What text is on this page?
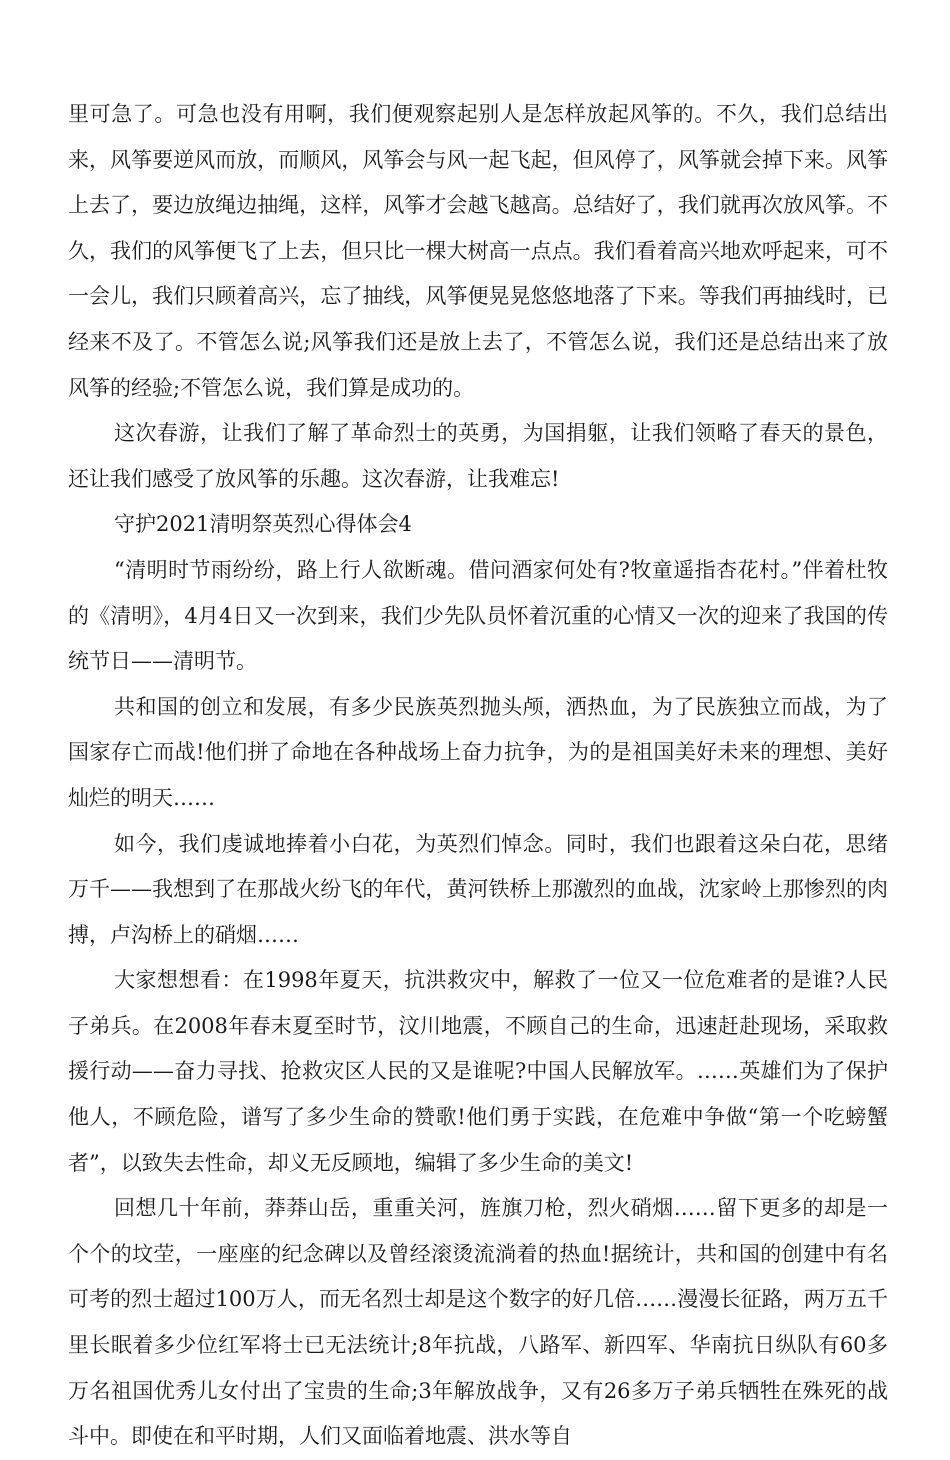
里可急了。可急也没有用啊，我们便观察起别人是怎样放起风筝的。不久，我们总结出来，风筝要逆风而放，而顺风，风筝会与风一起飞起，但风停了，风筝就会掉下来。风筝上去了，要边放绳边抽绳，这样，风筝才会越飞越高。总结好了，我们就再次放风筝。不久，我们的风筝便飞了上去，但只比一棵大树高一点点。我们看着高兴地欢呼起来，可不一会儿，我们只顾着高兴，忘了抽线，风筝便晃晃悠悠地落了下来。等我们再抽线时，已经来不及了。不管怎么说;风筝我们还是放上去了，不管怎么说，我们还是总结出来了放风筝的经验;不管怎么说，我们算是成功的。

这次春游，让我们了解了革命烈士的英勇，为国捐躯，让我们领略了春天的景色，还让我们感受了放风筝的乐趣。这次春游，让我难忘!

守护2021清明祭英烈心得体会4

“清明时节雨纷纷，路上行人欲断魂。借问酒家何处有?牧童遥指杏花村。”伴着杜牧的《清明》，4月4日又一次到来，我们少先队员怀着沉重的心情又一次的迎来了我国的传统节日——清明节。

共和国的创立和发展，有多少民族英烈抛头颅，洒热血，为了民族独立而战，为了国家存亡而战!他们拼了命地在各种战场上奋力抗争，为的是祖国美好未来的理想、美好灿烂的明天……

如今，我们虔诚地捧着小白花，为英烈们悼念。同时，我们也跟着这朵白花，思绪万千——我想到了在那战火纷飞的年代，黄河铁桥上那激烈的血战，沈家岭上那惨烈的肉搏，卢沟桥上的硝烟……

大家想想看：在1998年夏天，抗洪救灾中，解救了一位又一位危难者的是谁?人民子弟兵。在2008年春末夏至时节，汶川地震，不顾自己的生命，迅速赶赴现场，采取救援行动——奋力寻找、抢救灾区人民的又是谁呢?中国人民解放军。……英雄们为了保护他人，不顾危险，谱写了多少生命的赞歌!他们勇于实践，在危难中争做“第一个吃螃蟹者”，以致失去性命，却义无反顾地，编辑了多少生命的美文!

回想几十年前，莽莽山岳，重重关河，旌旗刀枪，烈火硝烟……留下更多的却是一个个的坟茔，一座座的纪念碑以及曾经滚烫流淌着的热血!据统计，共和国的创建中有名可考的烈士超过100万人，而无名烈士却是这个数字的好几倍……漫漫长征路，两万五千里长眠着多少位红军将士已无法统计;8年抗战，八路军、新四军、华南抗日纵队有60多万名祖国优秀儿女付出了宝贵的生命;3年解放战争，又有26多万子弟兵牺牲在殊死的战斗中。即使在和平时期，人们又面临着地震、洪水等自
